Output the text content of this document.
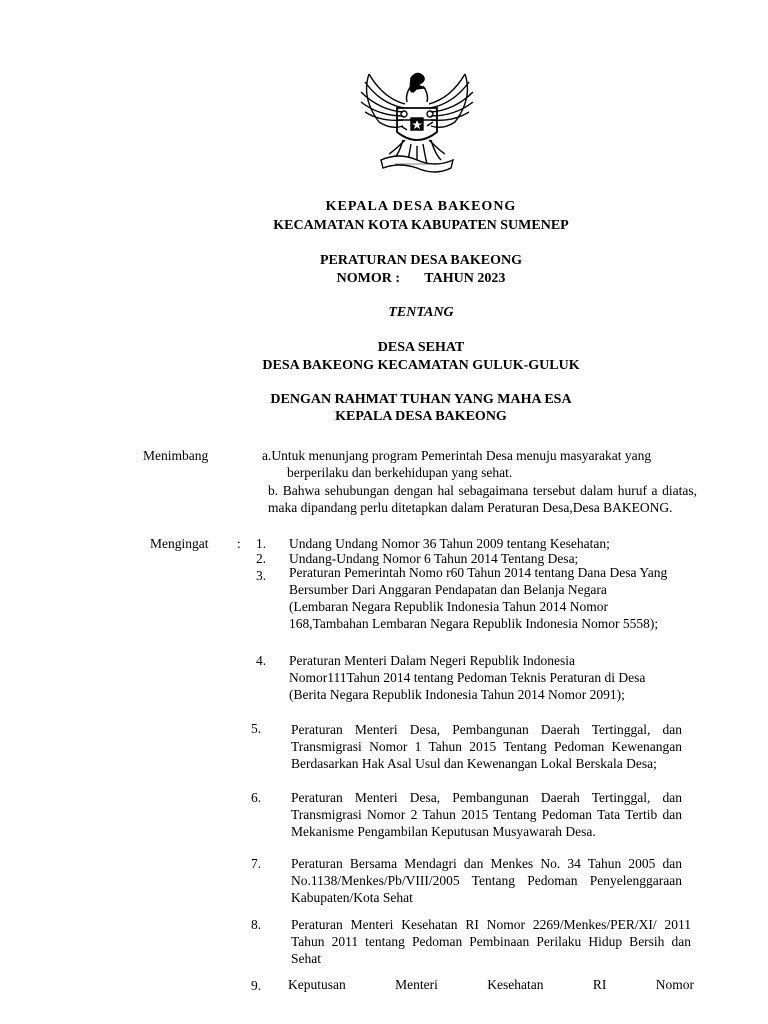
KEPALA DESA BAKEONG
KECAMATAN KOTA KABUPATEN SUMENEP
PERATURAN DESA BAKEONG
NOMOR :       TAHUN 2023
TENTANG
DESA SEHAT
DESA BAKEONG KECAMATAN GULUK-GULUK
DENGAN RAHMAT TUHAN YANG MAHA ESA
KEPALA DESA BAKEONG
Menimbang	a.Untuk menunjang program Pemerintah Desa menuju masyarakat yang
berperilaku dan berkehidupan yang sehat.
b. Bahwa sehubungan dengan hal sebagaimana tersebut dalam huruf a diatas, maka dipandang perlu ditetapkan dalam Peraturan Desa,Desa BAKEONG.
Mengingat : 1. Undang Undang Nomor 36 Tahun 2009 tentang Kesehatan;
2. Undang-Undang Nomor 6 Tahun 2014 Tentang Desa;
3. Peraturan Pemerintah Nomo r60 Tahun 2014 tentang Dana Desa Yang Bersumber Dari Anggaran Pendapatan dan Belanja Negara (Lembaran Negara Republik Indonesia Tahun 2014 Nomor 168,Tambahan Lembaran Negara Republik Indonesia Nomor 5558);
4. Peraturan Menteri Dalam Negeri Republik Indonesia Nomor111Tahun 2014 tentang Pedoman Teknis Peraturan di Desa (Berita Negara Republik Indonesia Tahun 2014 Nomor 2091);
5. Peraturan Menteri Desa, Pembangunan Daerah Tertinggal, dan Transmigrasi Nomor 1 Tahun 2015 Tentang Pedoman Kewenangan Berdasarkan Hak Asal Usul dan Kewenangan Lokal Berskala Desa;
6. Peraturan Menteri Desa, Pembangunan Daerah Tertinggal, dan Transmigrasi Nomor 2 Tahun 2015 Tentang Pedoman Tata Tertib dan Mekanisme Pengambilan Keputusan Musyawarah Desa.
7. Peraturan Bersama Mendagri dan Menkes No. 34 Tahun 2005 dan No.1138/Menkes/Pb/VIII/2005 Tentang Pedoman Penyelenggaraan Kabupaten/Kota Sehat
8. Peraturan Menteri Kesehatan RI Nomor 2269/Menkes/PER/XI/ 2011 Tahun 2011 tentang Pedoman Pembinaan Perilaku Hidup Bersih dan Sehat
9. Keputusan Menteri Kesehatan RI Nomor
